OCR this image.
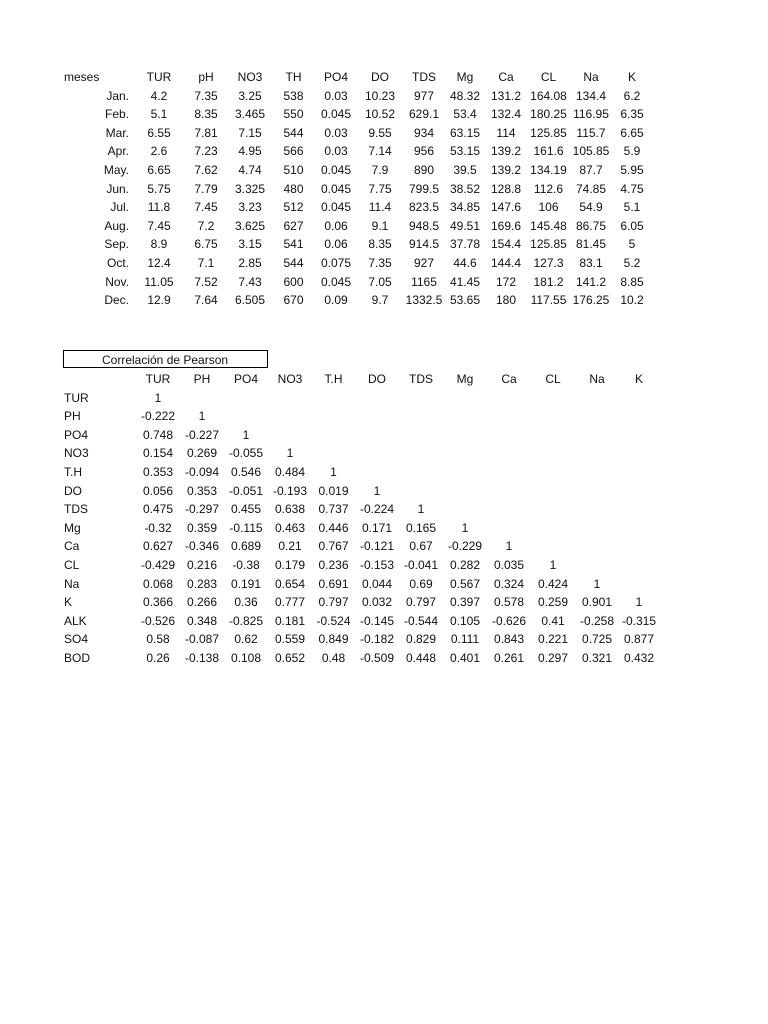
meses	TUR	pH	NO3	TH	PO4	DO	TDS	Mg	Ca	CL	Na	K
Jan.	4.2	7.35	3.25	538	0.03	10.23	977	48.32	131.2	164.08	134.4	6.2
Feb.	5.1	8.35	3.465	550	0.045	10.52	629.1	53.4	132.4	180.25	116.95	6.35
Mar.	6.55	7.81	7.15	544	0.03	9.55	934	63.15	114	125.85	115.7	6.65
Apr.	2.6	7.23	4.95	566	0.03	7.14	956	53.15	139.2	161.6	105.85	5.9
May.	6.65	7.62	4.74	510	0.045	7.9	890	39.5	139.2	134.19	87.7	5.95
Jun.	5.75	7.79	3.325	480	0.045	7.75	799.5	38.52	128.8	112.6	74.85	4.75
Jul.	11.8	7.45	3.23	512	0.045	11.4	823.5	34.85	147.6	106	54.9	5.1
Aug.	7.45	7.2	3.625	627	0.06	9.1	948.5	49.51	169.6	145.48	86.75	6.05
Sep.	8.9	6.75	3.15	541	0.06	8.35	914.5	37.78	154.4	125.85	81.45	5
Oct.	12.4	7.1	2.85	544	0.075	7.35	927	44.6	144.4	127.3	83.1	5.2
Nov.	11.05	7.52	7.43	600	0.045	7.05	1165	41.45	172	181.2	141.2	8.85
Dec.	12.9	7.64	6.505	670	0.09	9.7	1332.5	53.65	180	117.55	176.25	10.2
Correlación de Pearson
	TUR	PH	PO4	NO3	T.H	DO	TDS	Mg	Ca	CL	Na	K
TUR	1											
PH	-0.222	1										
PO4	0.748	-0.227	1									
NO3	0.154	0.269	-0.055	1								
T.H	0.353	-0.094	0.546	0.484	1							
DO	0.056	0.353	-0.051	-0.193	0.019	1						
TDS	0.475	-0.297	0.455	0.638	0.737	-0.224	1					
Mg	-0.32	0.359	-0.115	0.463	0.446	0.171	0.165	1				
Ca	0.627	-0.346	0.689	0.21	0.767	-0.121	0.67	-0.229	1			
CL	-0.429	0.216	-0.38	0.179	0.236	-0.153	-0.041	0.282	0.035	1		
Na	0.068	0.283	0.191	0.654	0.691	0.044	0.69	0.567	0.324	0.424	1	
K	0.366	0.266	0.36	0.777	0.797	0.032	0.797	0.397	0.578	0.259	0.901	1
ALK	-0.526	0.348	-0.825	0.181	-0.524	-0.145	-0.544	0.105	-0.626	0.41	-0.258	-0.315
SO4	0.58	-0.087	0.62	0.559	0.849	-0.182	0.829	0.111	0.843	0.221	0.725	0.877
BOD	0.26	-0.138	0.108	0.652	0.48	-0.509	0.448	0.401	0.261	0.297	0.321	0.432
